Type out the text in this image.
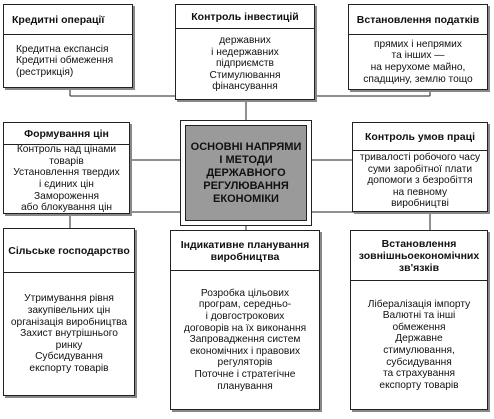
Кредитні операції
Кредитна експансія
Кредитні обмеження
(рестрикція)
Контроль інвестицій
державних
і недержавних
підприємств
Стимулювання
фінансування
Встановлення податків
прямих і непрямих
та інших —
на нерухоме майно,
спадщину, землю тощо
Формування цін
Контроль над цінами
товарів
Установлення твердих
і єдиних цін
Замороження
або блокування цін
ОСНОВНІ НАПРЯМИ
І МЕТОДИ
ДЕРЖАВНОГО
РЕГУЛЮВАННЯ
ЕКОНОМІКИ
Контроль умов праці
тривалості робочого часу
суми заробітної плати
допомоги з безробіття
на певному
виробництві
Сільське господарство
Утримування рівня
закупівельних цін
організація виробництва
Захист внутрішнього
ринку
Субсидування
експорту товарів
Індикативне планування
виробництва
Розробка цільових
програм, середньо-
і довгострокових
договорів на їх виконання
Запровадження систем
економічних і правових
регуляторів
Поточне і стратегічне
планування
Встановлення
зовнішньоекономічних
зв'язків
Лібералізація імпорту
Валютні та інші
обмеження
Державне
стимулювання,
субсидування
та страхування
експорту товарів
